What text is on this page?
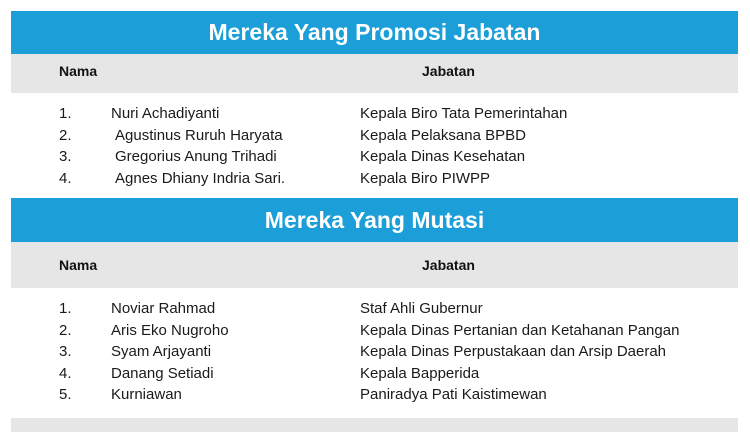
Mereka Yang Promosi Jabatan
Nama	Jabatan
1.	Nuri Achadiyanti	Kepala Biro Tata Pemerintahan
2.	Agustinus Ruruh Haryata	Kepala Pelaksana BPBD
3.	Gregorius Anung Trihadi	Kepala Dinas Kesehatan
4.	Agnes Dhiany Indria Sari.	Kepala Biro PIWPP
Mereka Yang Mutasi
Nama	Jabatan
1.	Noviar Rahmad	Staf Ahli Gubernur
2.	Aris Eko Nugroho	Kepala Dinas Pertanian dan Ketahanan Pangan
3.	Syam Arjayanti	Kepala Dinas Perpustakaan dan Arsip Daerah
4.	Danang Setiadi	Kepala Bapperida
5.	Kurniawan	Paniradya Pati Kaistimewan
